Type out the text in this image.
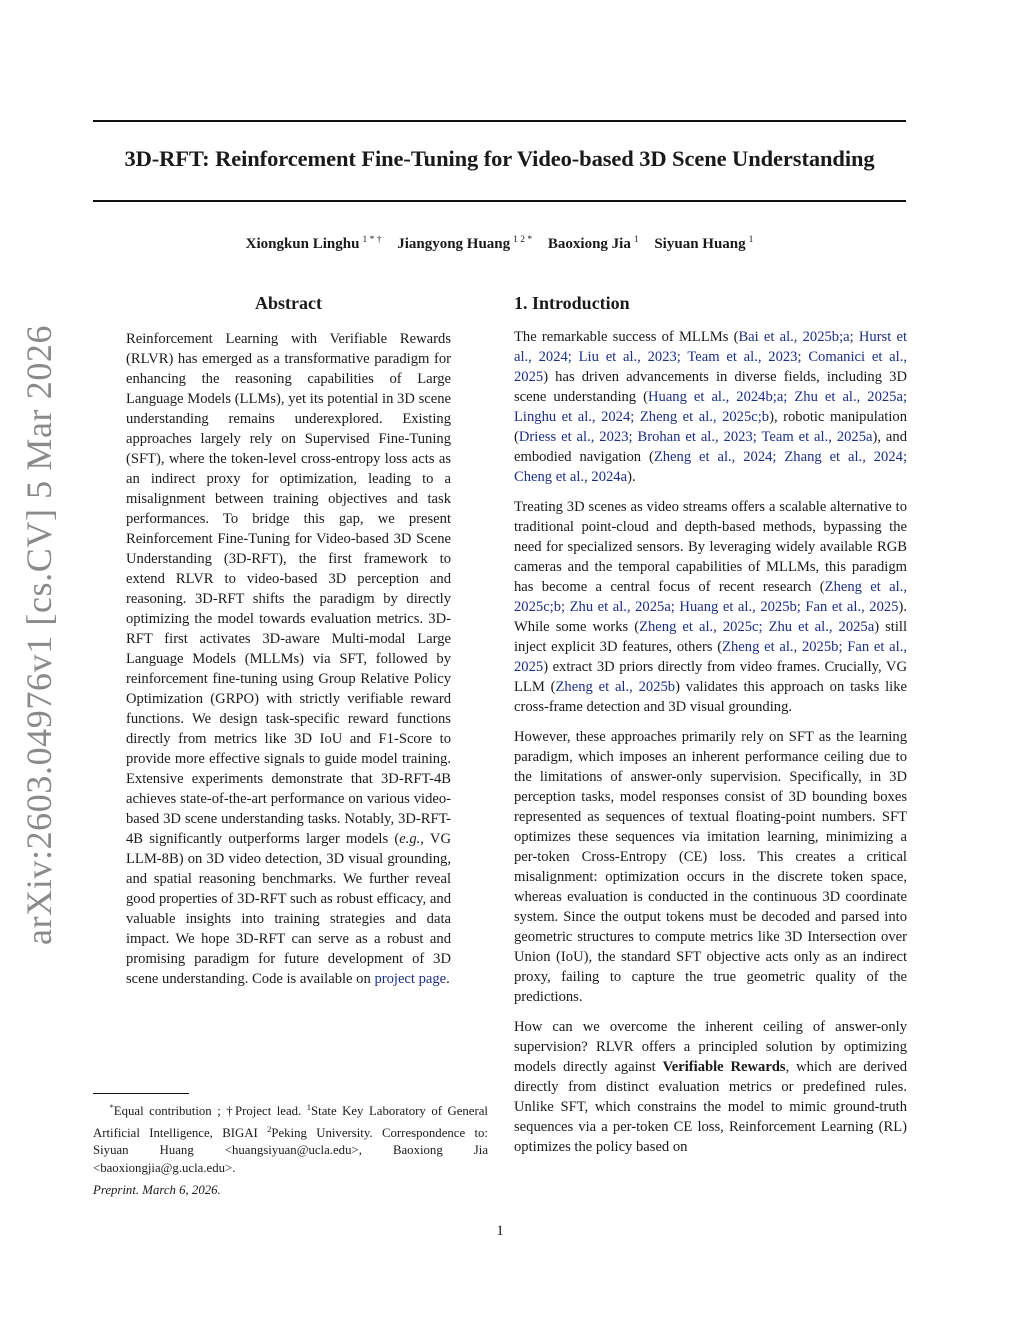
3D-RFT: Reinforcement Fine-Tuning for Video-based 3D Scene Understanding
Xiongkun Linghu $^{1 * \dagger}$ Jiangyong Huang $^{1 2 *}$ Baoxiong Jia $^1$ Siyuan Huang $^1$
arXiv:2603.04976v1 [cs.CV] 5 Mar 2026
Abstract
Reinforcement Learning with Verifiable Rewards (RLVR) has emerged as a transformative paradigm for enhancing the reasoning capabilities of Large Language Models (LLMs), yet its potential in 3D scene understanding remains underexplored. Existing approaches largely rely on Supervised Fine-Tuning (SFT), where the token-level cross-entropy loss acts as an indirect proxy for optimization, leading to a misalignment between training objectives and task performances. To bridge this gap, we present Reinforcement Fine-Tuning for Video-based 3D Scene Understanding (3D-RFT), the first framework to extend RLVR to video-based 3D perception and reasoning. 3D-RFT shifts the paradigm by directly optimizing the model towards evaluation metrics. 3D-RFT first activates 3D-aware Multi-modal Large Language Models (MLLMs) via SFT, followed by reinforcement fine-tuning using Group Relative Policy Optimization (GRPO) with strictly verifiable reward functions. We design task-specific reward functions directly from metrics like 3D IoU and F1-Score to provide more effective signals to guide model training. Extensive experiments demonstrate that 3D-RFT-4B achieves state-of-the-art performance on various video-based 3D scene understanding tasks. Notably, 3D-RFT-4B significantly outperforms larger models (e.g., VG LLM-8B) on 3D video detection, 3D visual grounding, and spatial reasoning benchmarks. We further reveal good properties of 3D-RFT such as robust efficacy, and valuable insights into training strategies and data impact. We hope 3D-RFT can serve as a robust and promising paradigm for future development of 3D scene understanding. Code is available on project page.
1. Introduction

The remarkable success of MLLMs (Bai et al., 2025b;a; Hurst et al., 2024; Liu et al., 2023; Team et al., 2023; Comanici et al., 2025) has driven advancements in diverse fields, including 3D scene understanding (Huang et al., 2024b;a; Zhu et al., 2025a; Linghu et al., 2024; Zheng et al., 2025c;b), robotic manipulation (Driess et al., 2023; Brohan et al., 2023; Team et al., 2025a), and embodied navigation (Zheng et al., 2024; Zhang et al., 2024; Cheng et al., 2024a).

Treating 3D scenes as video streams offers a scalable alternative to traditional point-cloud and depth-based methods, bypassing the need for specialized sensors. By leveraging widely available RGB cameras and the temporal capabilities of MLLMs, this paradigm has become a central focus of recent research (Zheng et al., 2025c;b; Zhu et al., 2025a; Huang et al., 2025b; Fan et al., 2025). While some works (Zheng et al., 2025c; Zhu et al., 2025a) still inject explicit 3D features, others (Zheng et al., 2025b; Fan et al., 2025) extract 3D priors directly from video frames. Crucially, VG LLM (Zheng et al., 2025b) validates this approach on tasks like cross-frame detection and 3D visual grounding.

However, these approaches primarily rely on SFT as the learning paradigm, which imposes an inherent performance ceiling due to the limitations of answer-only supervision. Specifically, in 3D perception tasks, model responses consist of 3D bounding boxes represented as sequences of textual floating-point numbers. SFT optimizes these sequences via imitation learning, minimizing a per-token Cross-Entropy (CE) loss. This creates a critical misalignment: optimization occurs in the discrete token space, whereas evaluation is conducted in the continuous 3D coordinate system. Since the output tokens must be decoded and parsed into geometric structures to compute metrics like 3D Intersection over Union (IoU), the standard SFT objective acts only as an indirect proxy, failing to capture the true geometric quality of the predictions.

How can we overcome the inherent ceiling of answer-only supervision? RLVR offers a principled solution by optimizing models directly against Verifiable Rewards, which are derived directly from distinct evaluation metrics or predefined rules. Unlike SFT, which constrains the model to mimic ground-truth sequences via a per-token CE loss, Reinforcement Learning (RL) optimizes the policy based on

*Equal contribution ; †Project lead. $^1$State Key Laboratory of General Artificial Intelligence, BIGAI $^2$Peking University. Correspondence to: Siyuan Huang <huangsiyuan@ucla.edu>, Baoxiong Jia <baoxiongjia@g.ucla.edu>.
Preprint. March 6, 2026.
1
